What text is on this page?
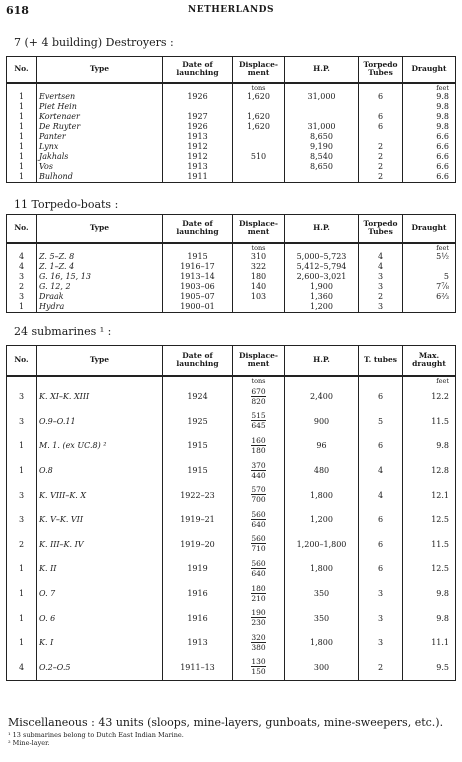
618	NETHERLANDS
7 (+ 4 building) Destroyers :
No.	Type	Date of launching	Displace-ment	H.P.	Torpedo Tubes	Draught
			tons			feet
1	Evertsen	1926	1,620	31,000	6	9.8
1	Piet Hein					9.8
1	Kortenaer	1927	1,620		6	9.8
1	De Ruyter	1926	1,620	31,000	6	9.8
1	Panter	1913		8,650		6.6
1	Lynx	1912		9,190	2	6.6
1	Jakhals	1912	510	8,540	2	6.6
1	Vos	1913		8,650	2	6.6
1	Bulhond	1911			2	6.6
11 Torpedo-boats :
No.	Type	Date of launching	Displace-ment	H.P.	Torpedo Tubes	Draught
			tons			feet
4	Z. 5–Z. 8	1915	310	5,000–5,723	4	5½
4	Z. 1–Z. 4	1916–17	322	5,412–5,794	4	
3	G. 16, 15, 13	1913–14	180	2,600–3,021	3	5
2	G. 12, 2	1903–06	140	1,900	3	7⅞
3	Draak	1905–07	103	1,360	2	6⅔
1	Hydra	1900–01		1,200	3	
24 submarines ¹ :
No.	Type	Date of launching	Displace-ment	H.P.	T. tubes	Max. draught
			tons			feet
3	K. XI–K. XIII	1924	$\frac{670}{820}$	2,400	6	12.2
3	O.9–O.11	1925	$\frac{515}{645}$	900	5	11.5
1	M. 1. (ex UC.8) ²	1915	$\frac{160}{180}$	96	6	9.8
1	O.8	1915	$\frac{370}{440}$	480	4	12.8
3	K. VIII–K. X	1922–23	$\frac{570}{700}$	1,800	4	12.1
3	K. V–K. VII	1919–21	$\frac{560}{640}$	1,200	6	12.5
2	K. III–K. IV	1919–20	$\frac{560}{710}$	1,200–1,800	6	11.5
1	K. II	1919	$\frac{560}{640}$	1,800	6	12.5
1	O. 7	1916	$\frac{180}{210}$	350	3	9.8
1	O. 6	1916	$\frac{190}{230}$	350	3	9.8
1	K. I	1913	$\frac{320}{380}$	1,800	3	11.1
4	O.2–O.5	1911–13	$\frac{130}{150}$	300	2	9.5
Miscellaneous : 43 units (sloops, mine-layers, gunboats, mine-sweepers, etc.).
¹ 13 submarines belong to Dutch East Indian Marine.
² Mine-layer.
